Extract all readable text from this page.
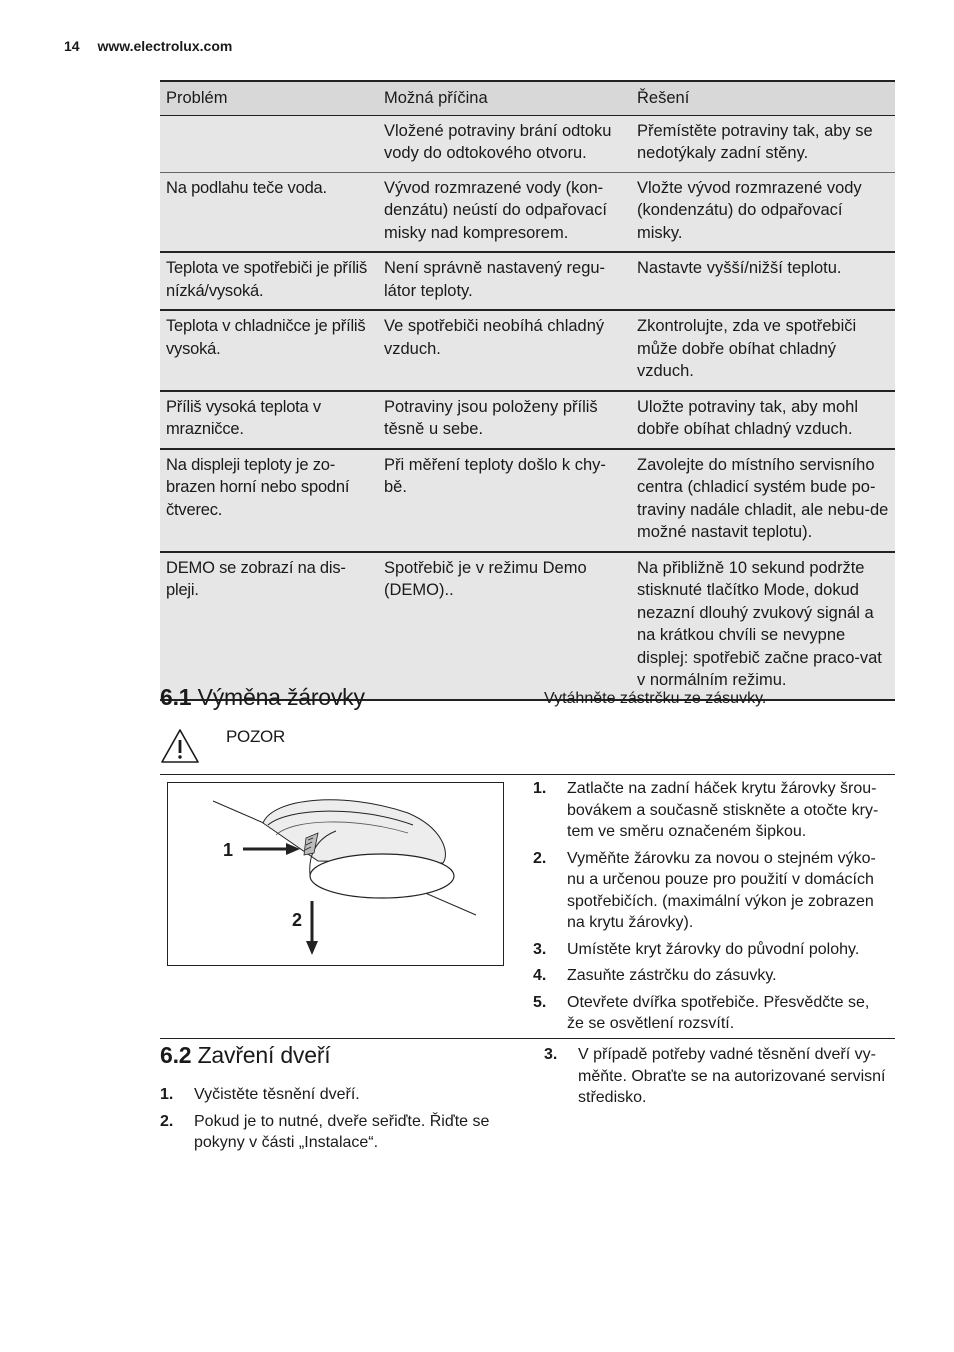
14 www.electrolux.com
Problém	Možná příčina	Řešení
	Vložené potraviny brání odtoku vody do odtokového otvoru.	Přemístěte potraviny tak, aby se nedotýkaly zadní stěny.
Na podlahu teče voda.	Vývod rozmrazené vody (kon-denzátu) neústí do odpařovací misky nad kompresorem.	Vložte vývod rozmrazené vody (kondenzátu) do odpařovací misky.
Teplota ve spotřebiči je příliš nízká/vysoká.	Není správně nastavený regu-látor teploty.	Nastavte vyšší/nižší teplotu.
Teplota v chladničce je příliš vysoká.	Ve spotřebiči neobíhá chladný vzduch.	Zkontrolujte, zda ve spotřebiči může dobře obíhat chladný vzduch.
Příliš vysoká teplota v mrazničce.	Potraviny jsou položeny příliš těsně u sebe.	Uložte potraviny tak, aby mohl dobře obíhat chladný vzduch.
Na displeji teploty je zo-brazen horní nebo spodní čtverec.	Při měření teploty došlo k chy-bě.	Zavolejte do místního servisního centra (chladicí systém bude po-traviny nadále chladit, ale nebu-de možné nastavit teplotu).
DEMO se zobrazí na dis-pleji.	Spotřebič je v režimu Demo (DEMO)..	Na přibližně 10 sekund podržte stisknuté tlačítko Mode, dokud nezazní dlouhý zvukový signál a na krátkou chvíli se nevypne displej: spotřebič začne praco-vat v normálním režimu.
6.1 Výměna žárovky	Vytáhněte zástrčku ze zásuvky.
POZOR
1
2
1. Zatlačte na zadní háček krytu žárovky šrou-bovákem a současně stiskněte a otočte kry-tem ve směru označeném šipkou.
2. Vyměňte žárovku za novou o stejném výko-nu a určenou pouze pro použití v domácích spotřebičích. (maximální výkon je zobrazen na krytu žárovky).
3. Umístěte kryt žárovky do původní polohy.
4. Zasuňte zástrčku do zásuvky.
5. Otevřete dvířka spotřebiče. Přesvědčte se, že se osvětlení rozsvítí.
6.2 Zavření dveří
1. Vyčistěte těsnění dveří.
2. Pokud je to nutné, dveře seřiďte. Řiďte se pokyny v části „Instalace“.
3. V případě potřeby vadné těsnění dveří vy-měňte. Obraťte se na autorizované servisní středisko.
